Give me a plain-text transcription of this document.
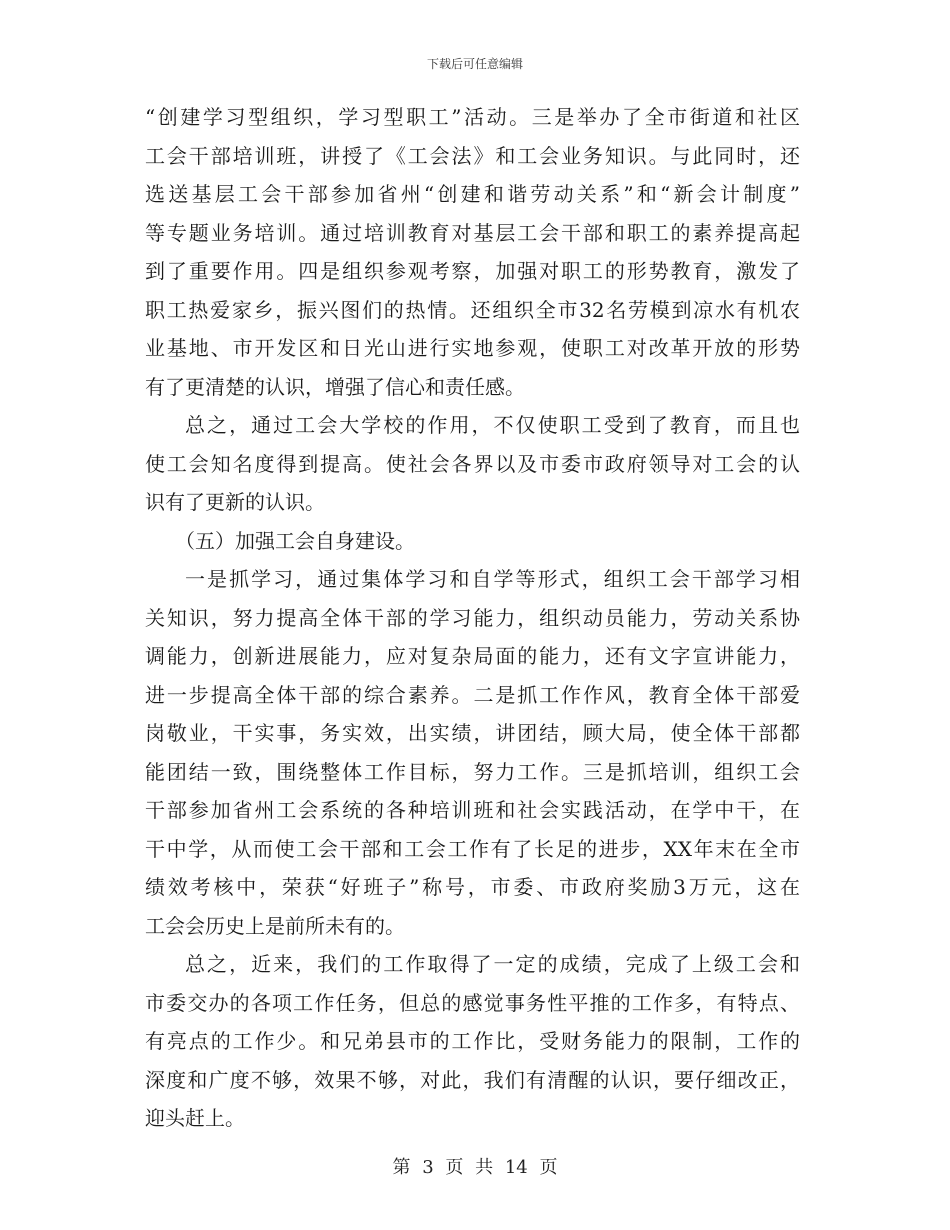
下载后可任意编辑
“创建学习型组织，学习型职工”活动。三是举办了全市街道和社区
工会干部培训班，讲授了《工会法》和工会业务知识。与此同时，还
选送基层工会干部参加省州“创建和谐劳动关系”和“新会计制度”
等专题业务培训。通过培训教育对基层工会干部和职工的素养提高起
到了重要作用。四是组织参观考察，加强对职工的形势教育，激发了
职工热爱家乡，振兴图们的热情。还组织全市32名劳模到凉水有机农
业基地、市开发区和日光山进行实地参观，使职工对改革开放的形势
有了更清楚的认识，增强了信心和责任感。
总之，通过工会大学校的作用，不仅使职工受到了教育，而且也
使工会知名度得到提高。使社会各界以及市委市政府领导对工会的认
识有了更新的认识。
（五）加强工会自身建设。
一是抓学习，通过集体学习和自学等形式，组织工会干部学习相
关知识，努力提高全体干部的学习能力，组织动员能力，劳动关系协
调能力，创新进展能力，应对复杂局面的能力，还有文字宣讲能力，
进一步提高全体干部的综合素养。二是抓工作作风，教育全体干部爱
岗敬业，干实事，务实效，出实绩，讲团结，顾大局，使全体干部都
能团结一致，围绕整体工作目标，努力工作。三是抓培训，组织工会
干部参加省州工会系统的各种培训班和社会实践活动，在学中干，在
干中学，从而使工会干部和工会工作有了长足的进步，XX年末在全市
绩效考核中，荣获“好班子”称号，市委、市政府奖励3万元，这在
工会会历史上是前所未有的。
总之，近来，我们的工作取得了一定的成绩，完成了上级工会和
市委交办的各项工作任务，但总的感觉事务性平推的工作多，有特点、
有亮点的工作少。和兄弟县市的工作比，受财务能力的限制，工作的
深度和广度不够，效果不够，对此，我们有清醒的认识，要仔细改正，
迎头赶上。
第 3 页 共 14 页
